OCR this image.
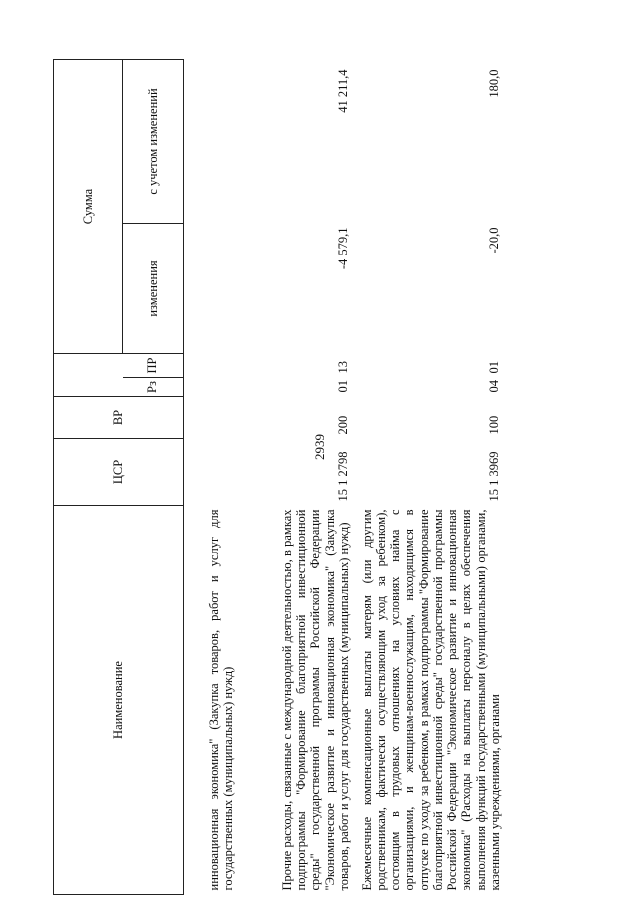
2939
Наименование	ЦСР	ВР			Сумма	
			Рз	ПР	изменения	с учетом изменений
инновационная экономика" (Закупка товаров, работ и услуг для государственных (муниципальных) нужд)						
Прочие расходы, связанные с международной деятельностью, в рамках подпрограммы "Формирование благоприятной инвестиционной среды" государственной программы Российской Федерации "Экономическое развитие и инновационная экономика" (Закупка товаров, работ и услуг для государственных (муниципальных) нужд)	15 1 2798	200	01	13	-4 579,1	41 211,4
Ежемесячные компенсационные выплаты матерям (или другим родственникам, фактически осуществляющим уход за ребенком), состоящим в трудовых отношениях на условиях найма с организациями, и женщинам-военнослужащим, находящимся в отпуске по уходу за ребенком, в рамках подпрограммы "Формирование благоприятной инвестиционной среды" государственной программы Российской Федерации "Экономическое развитие и инновационная экономика" (Расходы на выплаты персоналу в целях обеспечения выполнения функций государственными (муниципальными) органами, казенными учреждениями, органами	15 1 3969	100	04	01	-20,0	180,0
